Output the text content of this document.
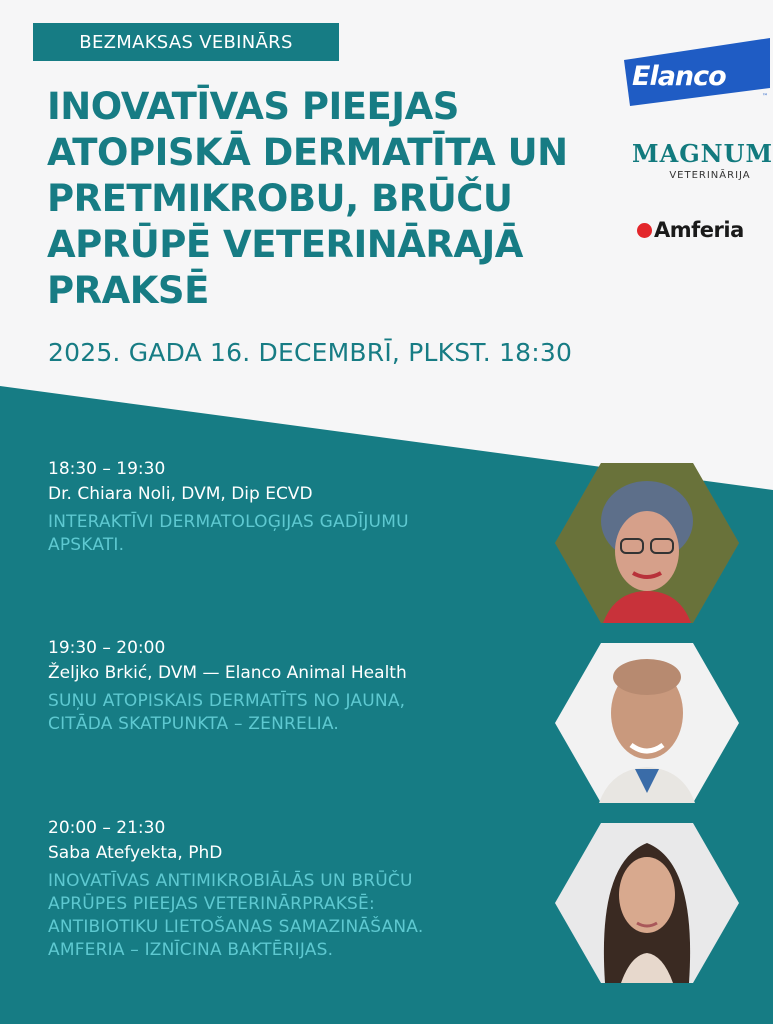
BEZMAKSAS VEBINĀRS
INOVATĪVAS PIEEJAS
ATOPISKĀ DERMATĪTA UN
PRETMIKROBU, BRŪČU
APRŪPĒ VETERINĀRAJĀ
PRAKSĒ

2025. GADA 16. DECEMBRĪ, PLKST. 18:30

Elanco
™
MAGNUM
VETERINĀRIJA
Amferia
18:30 – 19:30
Dr. Chiara Noli, DVM, Dip ECVD
INTERAKTĪVI DERMATOLOĢIJAS GADĪJUMU
APSKATI.
19:30 – 20:00
Željko Brkić, DVM — Elanco Animal Health
SUŅU ATOPISKAIS DERMATĪTS NO JAUNA,
CITĀDA SKATPUNKTA – ZENRELIA.
20:00 – 21:30
Saba Atefyekta, PhD
INOVATĪVAS ANTIMIKROBIĀLĀS UN BRŪČU
APRŪPES PIEEJAS VETERINĀRPRAKSĒ:
ANTIBIOTIKU LIETOŠANAS SAMAZINĀŠANA.
AMFERIA – IZNĪCINA BAKTĒRIJAS.
